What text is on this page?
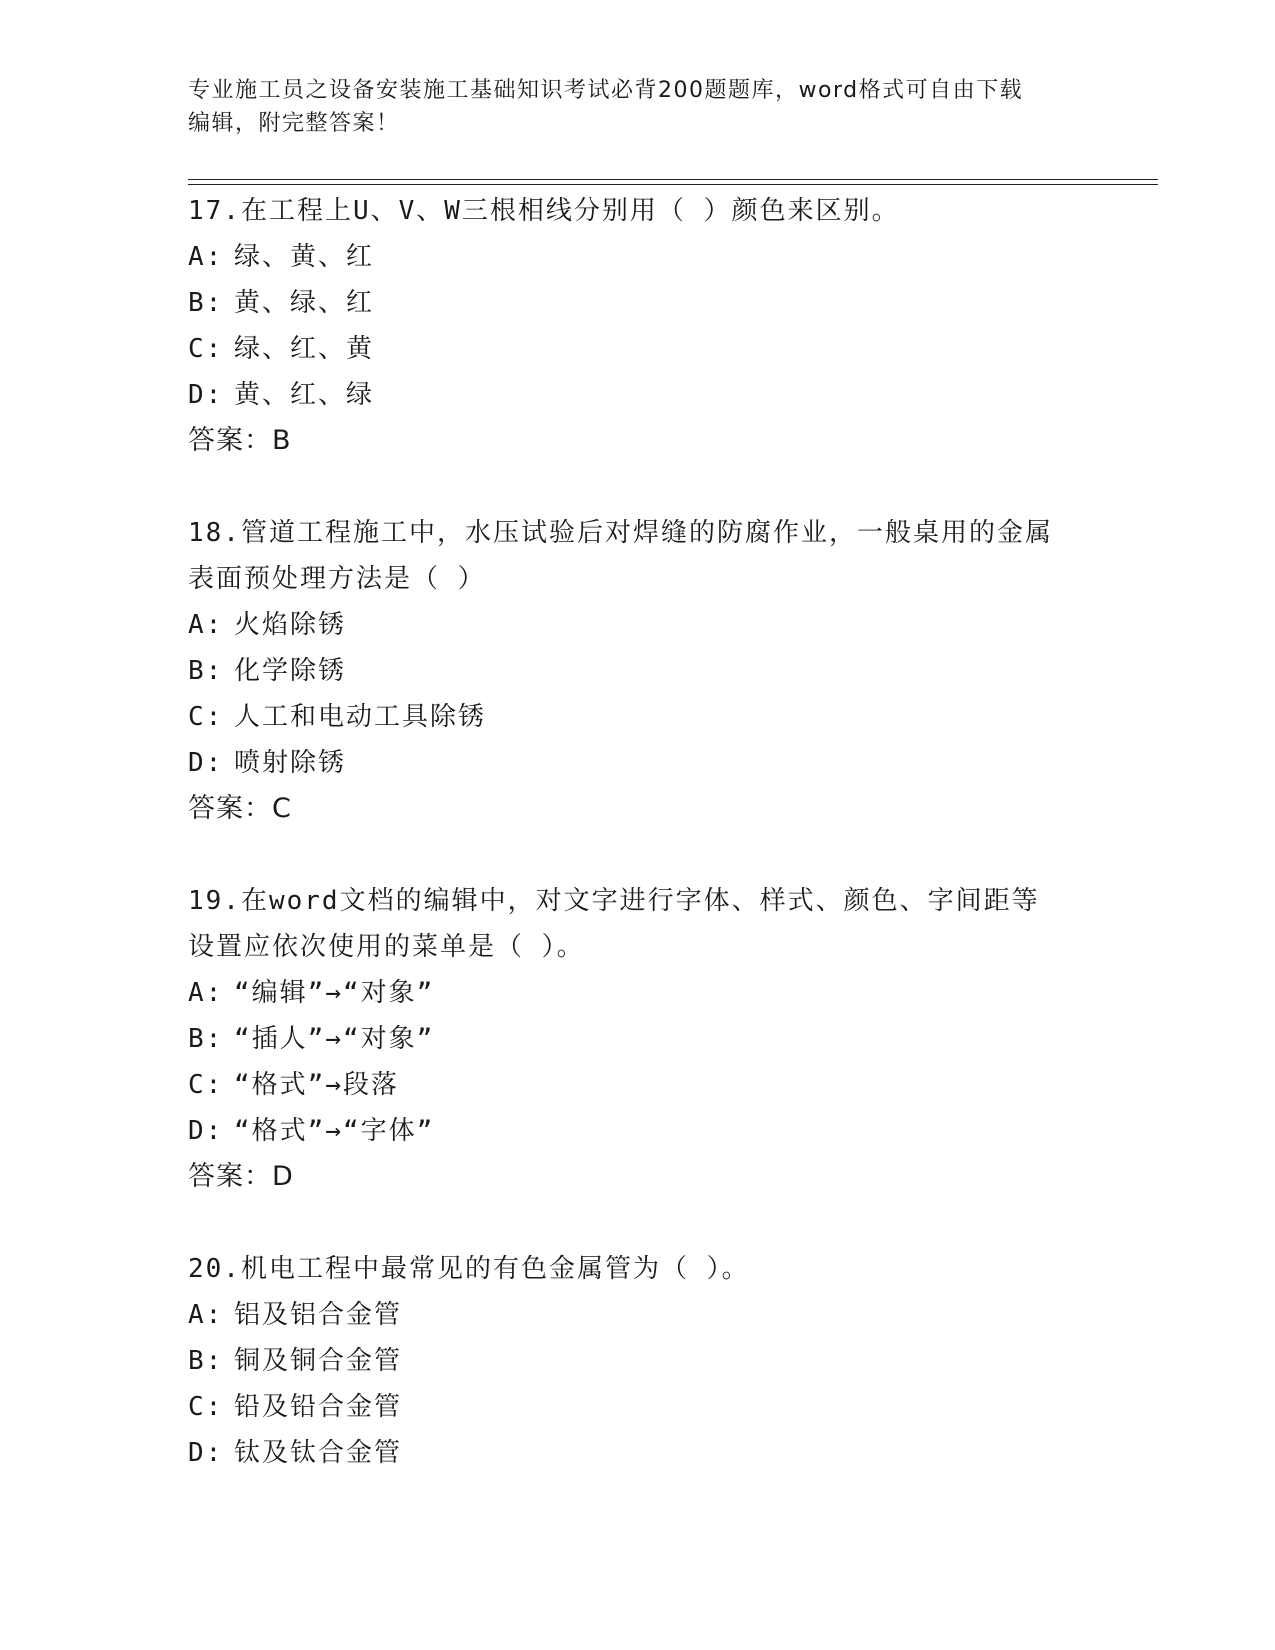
专业施工员之设备安装施工基础知识考试必背200题题库，word格式可自由下载
编辑，附完整答案！
17.在工程上U、V、W三根相线分别用（ ）颜色来区别。
A: 绿、黄、红
B: 黄、绿、红
C: 绿、红、黄
D: 黄、红、绿
答案：B
18.管道工程施工中，水压试验后对焊缝的防腐作业，一般桌用的金属
表面预处理方法是（ ）
A: 火焰除锈
B: 化学除锈
C: 人工和电动工具除锈
D: 喷射除锈
答案：C
19.在word文档的编辑中，对文字进行字体、样式、颜色、字间距等
设置应依次使用的菜单是（ ）。
A: “编辑”→“对象”
B: “插人”→“对象”
C: “格式”→段落
D: “格式”→“字体”
答案：D
20.机电工程中最常见的有色金属管为（ ）。
A: 铝及铝合金管
B: 铜及铜合金管
C: 铅及铅合金管
D: 钛及钛合金管
